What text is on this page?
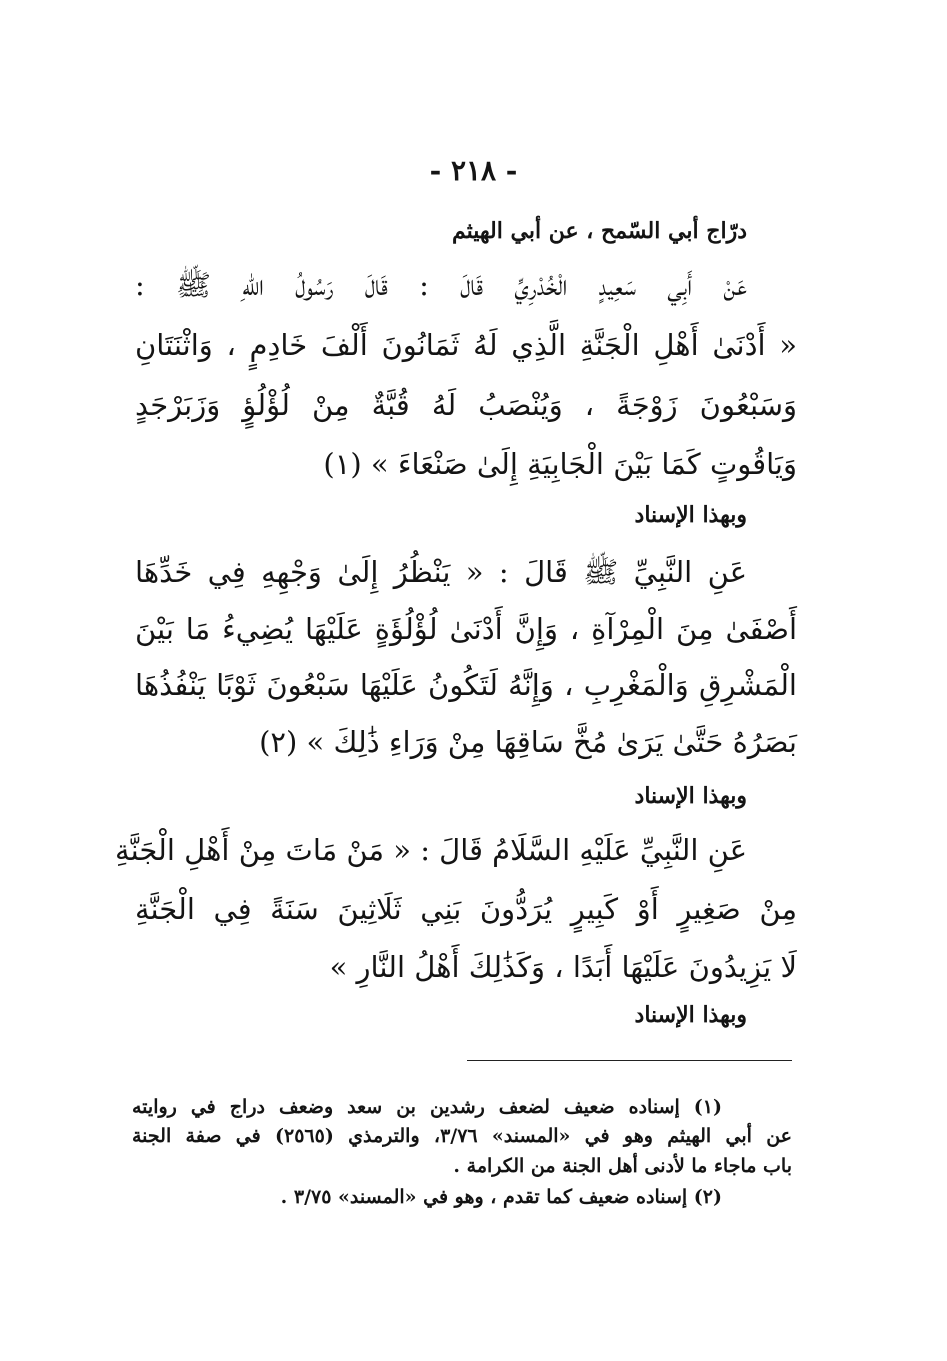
- ٢١٨ -
درّاج أبي السّمح ، عن أبي الهيثم
عَنْ أَبِي سَعِيدٍ الْخُدْرِيِّ قَالَ : قَالَ رَسُولُ اللهِ ﷺ :
« أَدْنَىٰ أَهْلِ الْجَنَّةِ الَّذِي لَهُ ثَمَانُونَ أَلْفَ خَادِمٍ ، وَاثْنَتَانِ
وَسَبْعُونَ زَوْجَةً ، وَيُنْصَبُ لَهُ قُبَّةٌ مِنْ لُؤْلُؤٍ وَزَبَرْجَدٍ
وَيَاقُوتٍ كَمَا بَيْنَ الْجَابِيَةِ إِلَىٰ صَنْعَاءَ » (١)
وبهذا الإسناد
عَنِ النَّبِيِّ ﷺ قَالَ : « يَنْظُرُ إِلَىٰ وَجْهِهِ فِي خَدِّهَا
أَصْفَىٰ مِنَ الْمِرْآةِ ، وَإِنَّ أَدْنَىٰ لُؤْلُؤَةٍ عَلَيْهَا يُضِيءُ مَا بَيْنَ
الْمَشْرِقِ وَالْمَغْرِبِ ، وَإِنَّهُ لَتَكُونُ عَلَيْهَا سَبْعُونَ ثَوْبًا يَنْفُذُهَا
بَصَرُهُ حَتَّىٰ يَرَىٰ مُخَّ سَاقِهَا مِنْ وَرَاءِ ذَٰلِكَ » (٢)
وبهذا الإسناد
عَنِ النَّبِيِّ عَلَيْهِ السَّلَامُ قَالَ : « مَنْ مَاتَ مِنْ أَهْلِ الْجَنَّةِ
مِنْ صَغِيرٍ أَوْ كَبِيرٍ يُرَدُّونَ بَنِي ثَلَاثِينَ سَنَةً فِي الْجَنَّةِ
لَا يَزِيدُونَ عَلَيْهَا أَبَدًا ، وَكَذَٰلِكَ أَهْلُ النَّارِ »
وبهذا الإسناد
(١) إسناده ضعيف لضعف رشدين بن سعد وضعف دراج في روايته
عن أبي الهيثم وهو في «المسند» ٣/٧٦، والترمذي (٢٥٦٥) في صفة الجنة
باب ماجاء ما لأدنى أهل الجنة من الكرامة .
(٢) إسناده ضعيف كما تقدم ، وهو في «المسند» ٣/٧٥ .
